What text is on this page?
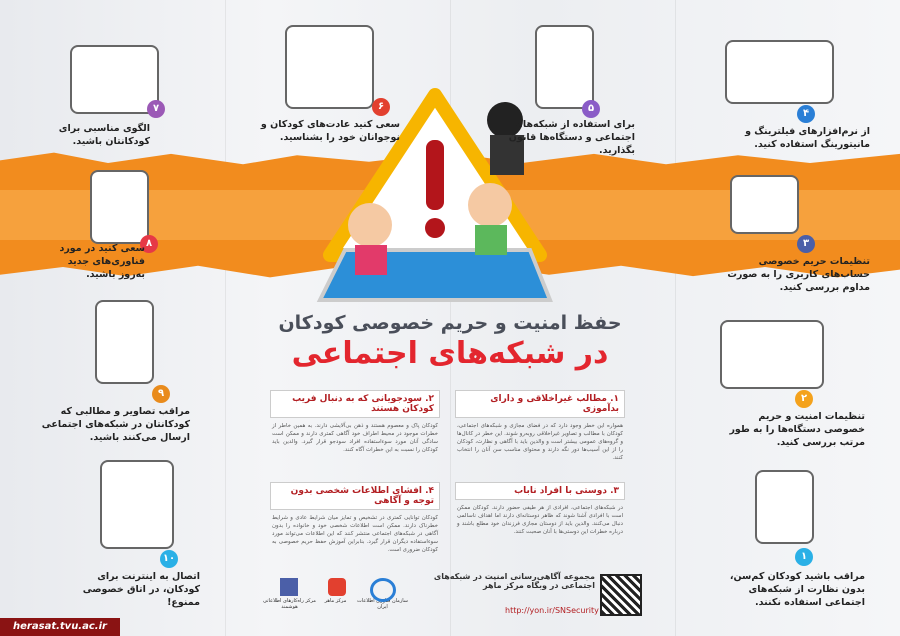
حفظ امنیت و حریم خصوصی کودکان
در شبکه‌های اجتماعی
۱
مراقب باشید کودکان کم‌سن، بدون نظارت از شبکه‌های اجتماعی استفاده نکنند.
۲
تنظیمات امنیت و حریم خصوصی دستگاه‌ها را به طور مرتب بررسی کنید.
۳
تنظیمات حریم خصوصی حساب‌های کاربری را به صورت مداوم بررسی کنید.
۴
از نرم‌افزارهای فیلترینگ و مانیتورینگ استفاده کنید.
۵
برای استفاده از شبکه‌های اجتماعی و دستگاه‌ها قانون بگذارید.
۶
سعی کنید عادت‌های کودکان و نوجوانان خود را بشناسید.
۷
الگوی مناسبی برای کودکانتان باشید.
۸
سعی کنید در مورد فناوری‌های جدید به‌روز باشید.
۹
مراقب تصاویر و مطالبی که کودکانتان در شبکه‌های اجتماعی ارسال می‌کنند باشید.
۱۰
اتصال به اینترنت برای کودکان، در اتاق خصوصی ممنوع!
۱. مطالب غیراخلاقی و دارای بدآموزی
همواره این خطر وجود دارد که در فضای مجازی و شبکه‌های اجتماعی، کودکان با مطالب و تصاویر غیراخلاقی روبه‌رو شوند. این خطر در کانال‌ها و گروه‌های عمومی بیشتر است و والدین باید با آگاهی و نظارت، کودکان را از این آسیب‌ها دور نگه دارند و محتوای مناسب سن آنان را انتخاب کنند.
۲. سودجویانی که به دنبال فریب کودکان هستند
کودکان پاک و معصوم هستند و ذهن بی‌آلایشی دارند. به همین خاطر از خطرات موجود در محیط اطراف خود آگاهی کمتری دارند و ممکن است سادگی آنان مورد سوءاستفاده افراد سودجو قرار گیرد. والدین باید کودکان را نسبت به این خطرات آگاه کنند.
۳. دوستی با افراد ناباب
در شبکه‌های اجتماعی، افرادی از هر طیفی حضور دارند. کودکان ممکن است با افرادی آشنا شوند که ظاهر دوستانه‌ای دارند اما اهداف ناسالمی دنبال می‌کنند. والدین باید از دوستان مجازی فرزندان خود مطلع باشند و درباره خطرات این دوستی‌ها با آنان صحبت کنند.
۴. افشای اطلاعات شخصی بدون توجه و آگاهی
کودکان توانایی کمتری در تشخیص و تمایز میان شرایط عادی و شرایط خطرناک دارند. ممکن است اطلاعات شخصی خود و خانواده را بدون آگاهی در شبکه‌های اجتماعی منتشر کنند که این اطلاعات می‌تواند مورد سوءاستفاده دیگران قرار گیرد. بنابراین آموزش حفظ حریم خصوصی به کودکان ضروری است.
مجموعه آگاهی‌رسانی امنیت در شبکه‌های اجتماعی در وبگاه مرکز ماهر
http://yon.ir/SNSecurity
سازمان فناوری اطلاعات ایران
مرکز ماهر
مرکز راه‌کارهای اطلاعاتی هوشمند
herasat.tvu.ac.ir
